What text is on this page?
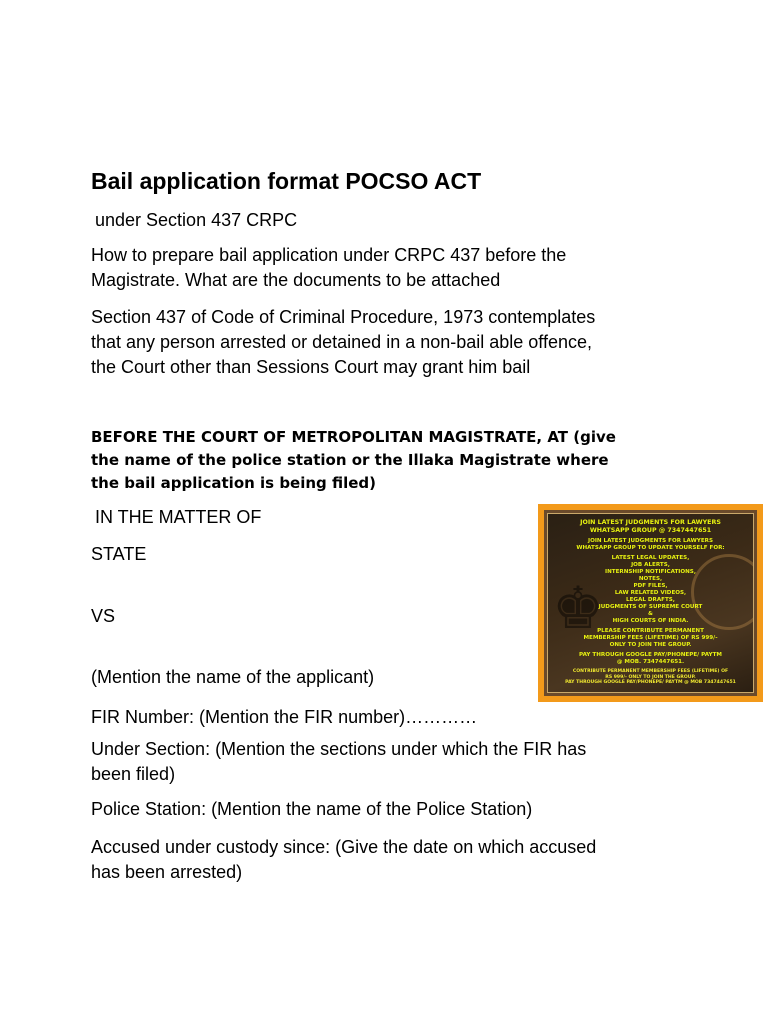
Bail application format POCSO ACT

under Section 437 CRPC

How to prepare bail application under CRPC 437 before the
Magistrate. What are the documents to be attached
Section 437 of Code of Criminal Procedure, 1973 contemplates
that any person arrested or detained in a non-bail able offence,
the Court other than Sessions Court may grant him bail
BEFORE THE COURT OF METROPOLITAN MAGISTRATE, AT (give
the name of the police station or the Illaka Magistrate where
the bail application is being filed)

IN THE MATTER OF

STATE

VS

(Mention the name of the applicant)

FIR Number: (Mention the FIR number)…………

Under Section: (Mention the sections under which the FIR has
been filed)

Police Station: (Mention the name of the Police Station)

Accused under custody since: (Give the date on which accused
has been arrested)
♚
JOIN LATEST JUDGMENTS FOR LAWYERS
WHATSAPP GROUP @ 7347447651
JOIN LATEST JUDGMENTS FOR LAWYERS
WHATSAPP GROUP TO UPDATE YOURSELF FOR:
LATEST LEGAL UPDATES,
JOB ALERTS,
INTERNSHIP NOTIFICATIONS,
NOTES,
PDF FILES,
LAW RELATED VIDEOS,
LEGAL DRAFTS,
JUDGMENTS OF SUPREME COURT
&
HIGH COURTS OF INDIA.
PLEASE CONTRIBUTE PERMANENT
MEMBERSHIP FEES (LIFETIME) OF RS 999/-
ONLY TO JOIN THE GROUP.
PAY THROUGH GOOGLE PAY/PHONEPE/ PAYTM
@ MOB. 7347447651.
CONTRIBUTE PERMANENT MEMBERSHIP FEES (LIFETIME) OF
RS 999/- ONLY TO JOIN THE GROUP.
PAY THROUGH GOOGLE PAY/PHONEPE/ PAYTM @ MOB 7347447651
